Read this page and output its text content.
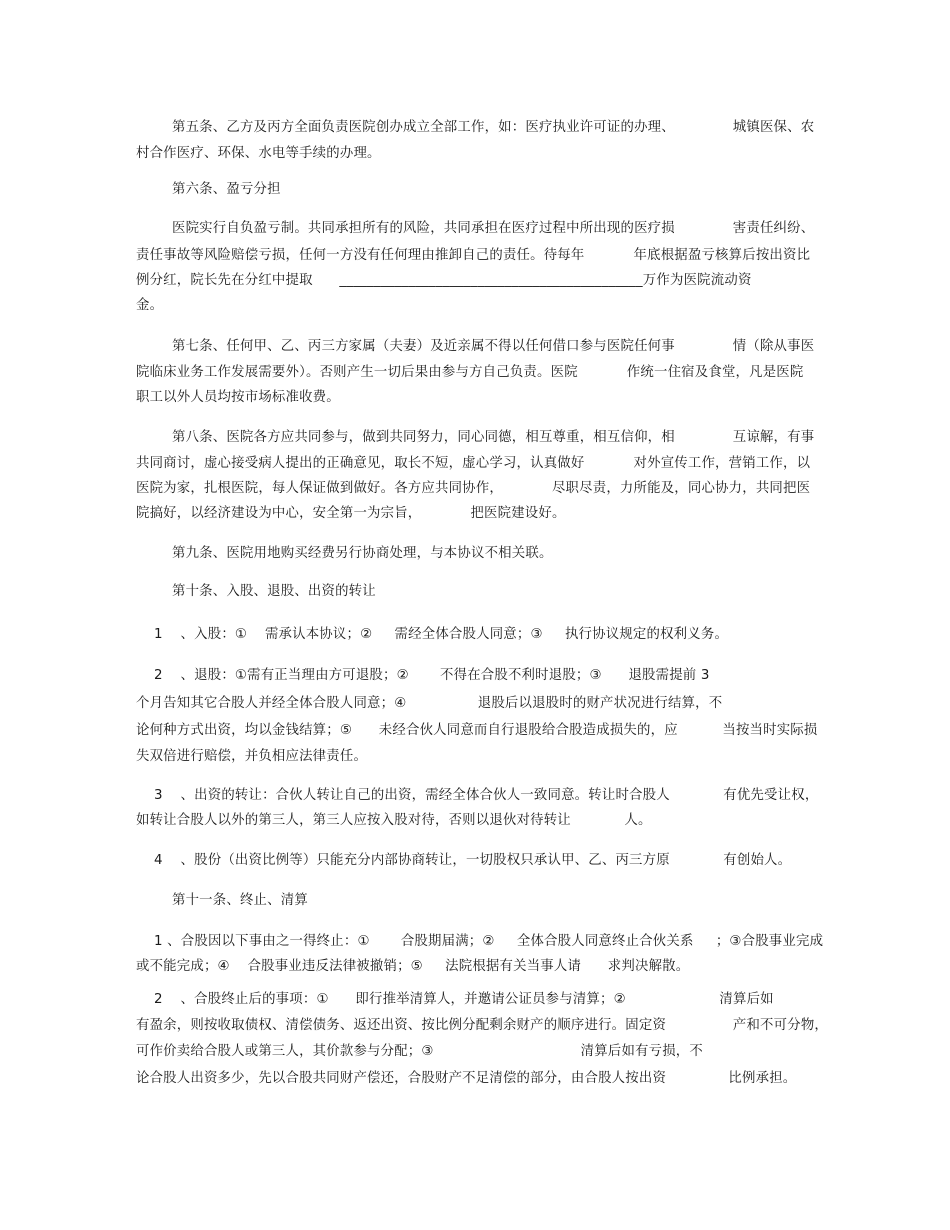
第五条、乙方及丙方全面负责医院创办成立全部工作，如：医疗执业许可证的办理、             城镇医保、农
村合作医疗、环保、水电等手续的办理。
第六条、盈亏分担
医院实行自负盈亏制。共同承担所有的风险，共同承担在医疗过程中所出现的医疗损             害责任纠纷、
责任事故等风险赔偿亏损，任何一方没有任何理由推卸自己的责任。待每年           年底根据盈亏核算后按出资比
例分红，院长先在分红中提取      ____________________________________________万作为医院流动资
金。
第七条、任何甲、乙、丙三方家属（夫妻）及近亲属不得以任何借口参与医院任何事             情（除从事医
院临床业务工作发展需要外）。否则产生一切后果由参与方自己负责。医院           作统一住宿及食堂，凡是医院
职工以外人员均按市场标准收费。
第八条、医院各方应共同参与，做到共同努力，同心同德，相互尊重，相互信仰，相             互谅解，有事
共同商讨，虚心接受病人提出的正确意见，取长不短，虚心学习，认真做好           对外宣传工作，营销工作，以
医院为家，扎根医院，每人保证做到做好。各方应共同协作，           尽职尽责，力所能及，同心协力，共同把医
院搞好，以经济建设为中心，安全第一为宗旨，           把医院建设好。
第九条、医院用地购买经费另行协商处理，与本协议不相关联。
第十条、入股、退股、出资的转让
1    、入股：①    需承认本协议；②     需经全体合股人同意；③     执行协议规定的权利义务。
2    、退股：①需有正当理由方可退股；②       不得在合股不利时退股；③      退股需提前 3
个月告知其它合股人并经全体合股人同意；④                退股后以退股时的财产状况进行结算，不
论何种方式出资，均以金钱结算；⑤      未经合伙人同意而自行退股给合股造成损失的，应          当按当时实际损
失双倍进行赔偿，并负相应法律责任。
3    、出资的转让：合伙人转让自己的出资，需经全体合伙人一致同意。转让时合股人            有优先受让权，
如转让合股人以外的第三人，第三人应按入股对待，否则以退伙对待转让            人。
4    、股份（出资比例等）只能充分内部协商转让，一切股权只承认甲、乙、丙三方原            有创始人。
第十一条、终止、清算
1 、合股因以下事由之一得终止：①       合股期届满；②     全体合股人同意终止合伙关系     ；③合股事业完成
或不能完成；④    合股事业违反法律被撤销；⑤     法院根据有关当事人请      求判决解散。
2    、合股终止后的事项：①      即行推举清算人，并邀请公证员参与清算；②                     清算后如
有盈余，则按收取债权、清偿债务、返还出资、按比例分配剩余财产的顺序进行。固定资               产和不可分物，
可作价卖给合股人或第三人，其价款参与分配；③                                 清算后如有亏损，不
论合股人出资多少，先以合股共同财产偿还，合股财产不足清偿的部分，由合股人按出资              比例承担。
